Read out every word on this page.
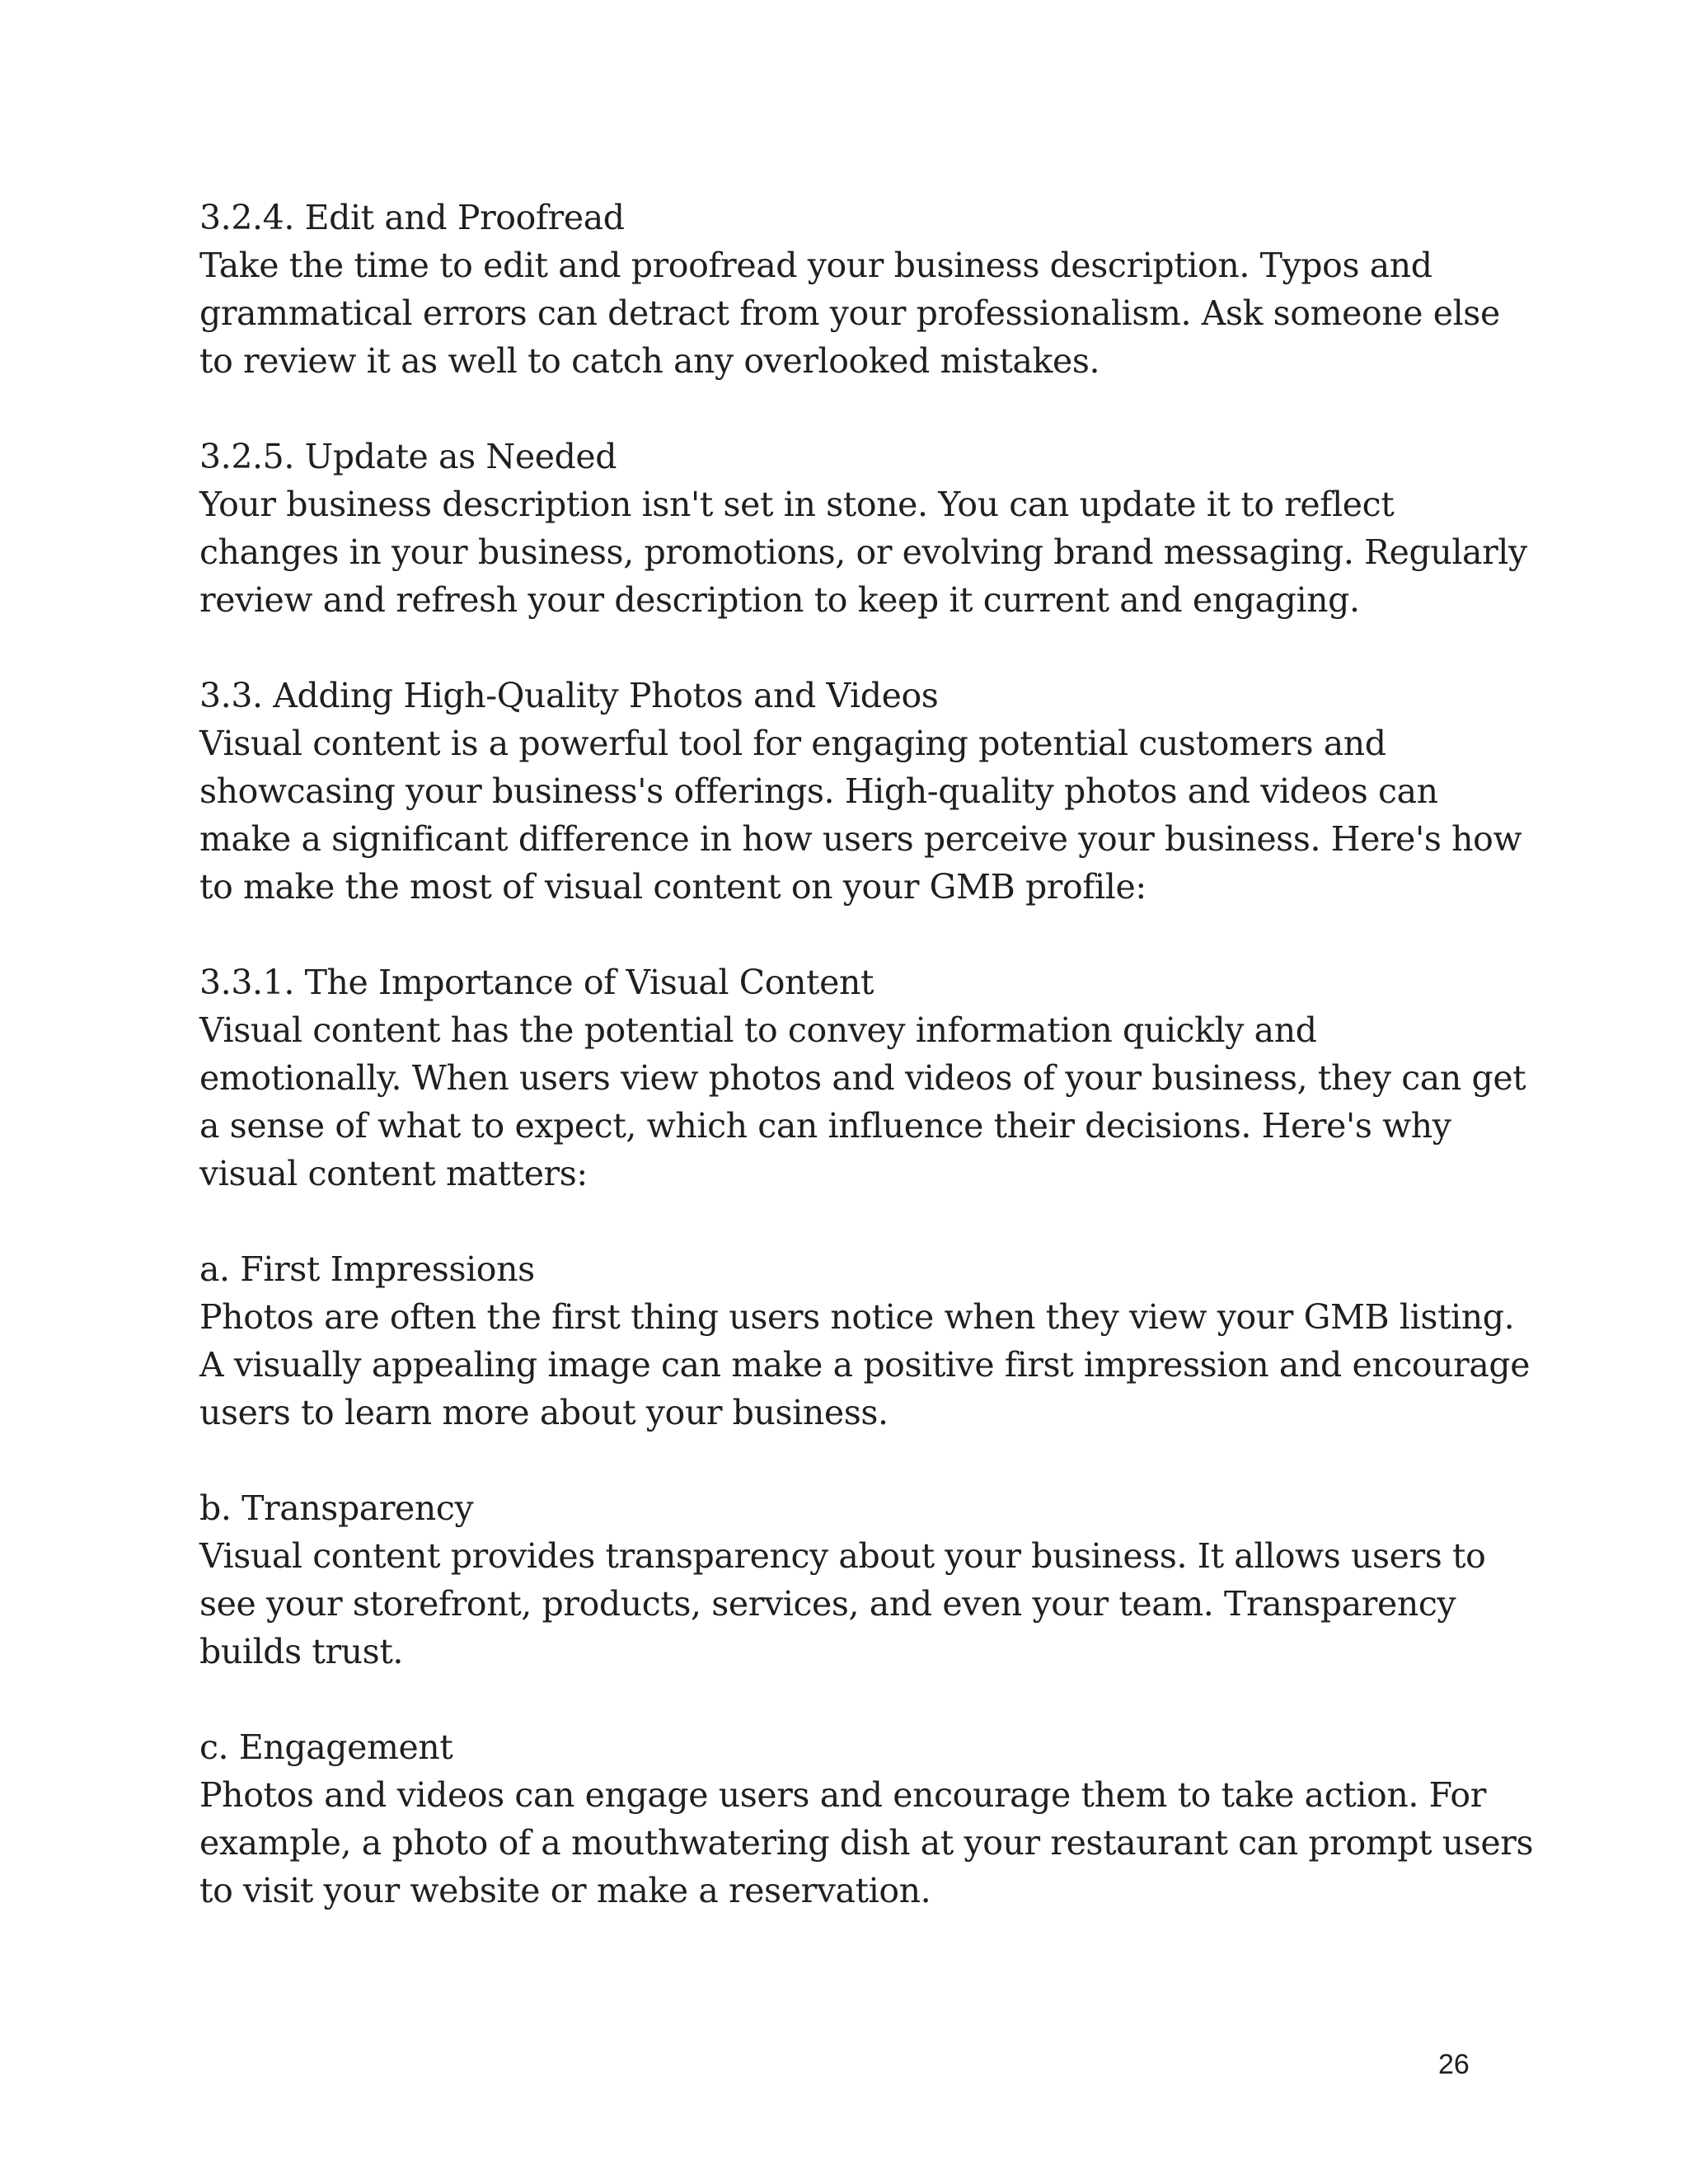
3.2.4. Edit and Proofread
Take the time to edit and proofread your business description. Typos and
grammatical errors can detract from your professionalism. Ask someone else
to review it as well to catch any overlooked mistakes.
3.2.5. Update as Needed
Your business description isn't set in stone. You can update it to reflect
changes in your business, promotions, or evolving brand messaging. Regularly
review and refresh your description to keep it current and engaging.
3.3. Adding High-Quality Photos and Videos
Visual content is a powerful tool for engaging potential customers and
showcasing your business's offerings. High-quality photos and videos can
make a significant difference in how users perceive your business. Here's how
to make the most of visual content on your GMB profile:
3.3.1. The Importance of Visual Content
Visual content has the potential to convey information quickly and
emotionally. When users view photos and videos of your business, they can get
a sense of what to expect, which can influence their decisions. Here's why
visual content matters:
a. First Impressions
Photos are often the first thing users notice when they view your GMB listing.
A visually appealing image can make a positive first impression and encourage
users to learn more about your business.
b. Transparency
Visual content provides transparency about your business. It allows users to
see your storefront, products, services, and even your team. Transparency
builds trust.
c. Engagement
Photos and videos can engage users and encourage them to take action. For
example, a photo of a mouthwatering dish at your restaurant can prompt users
to visit your website or make a reservation.
26
